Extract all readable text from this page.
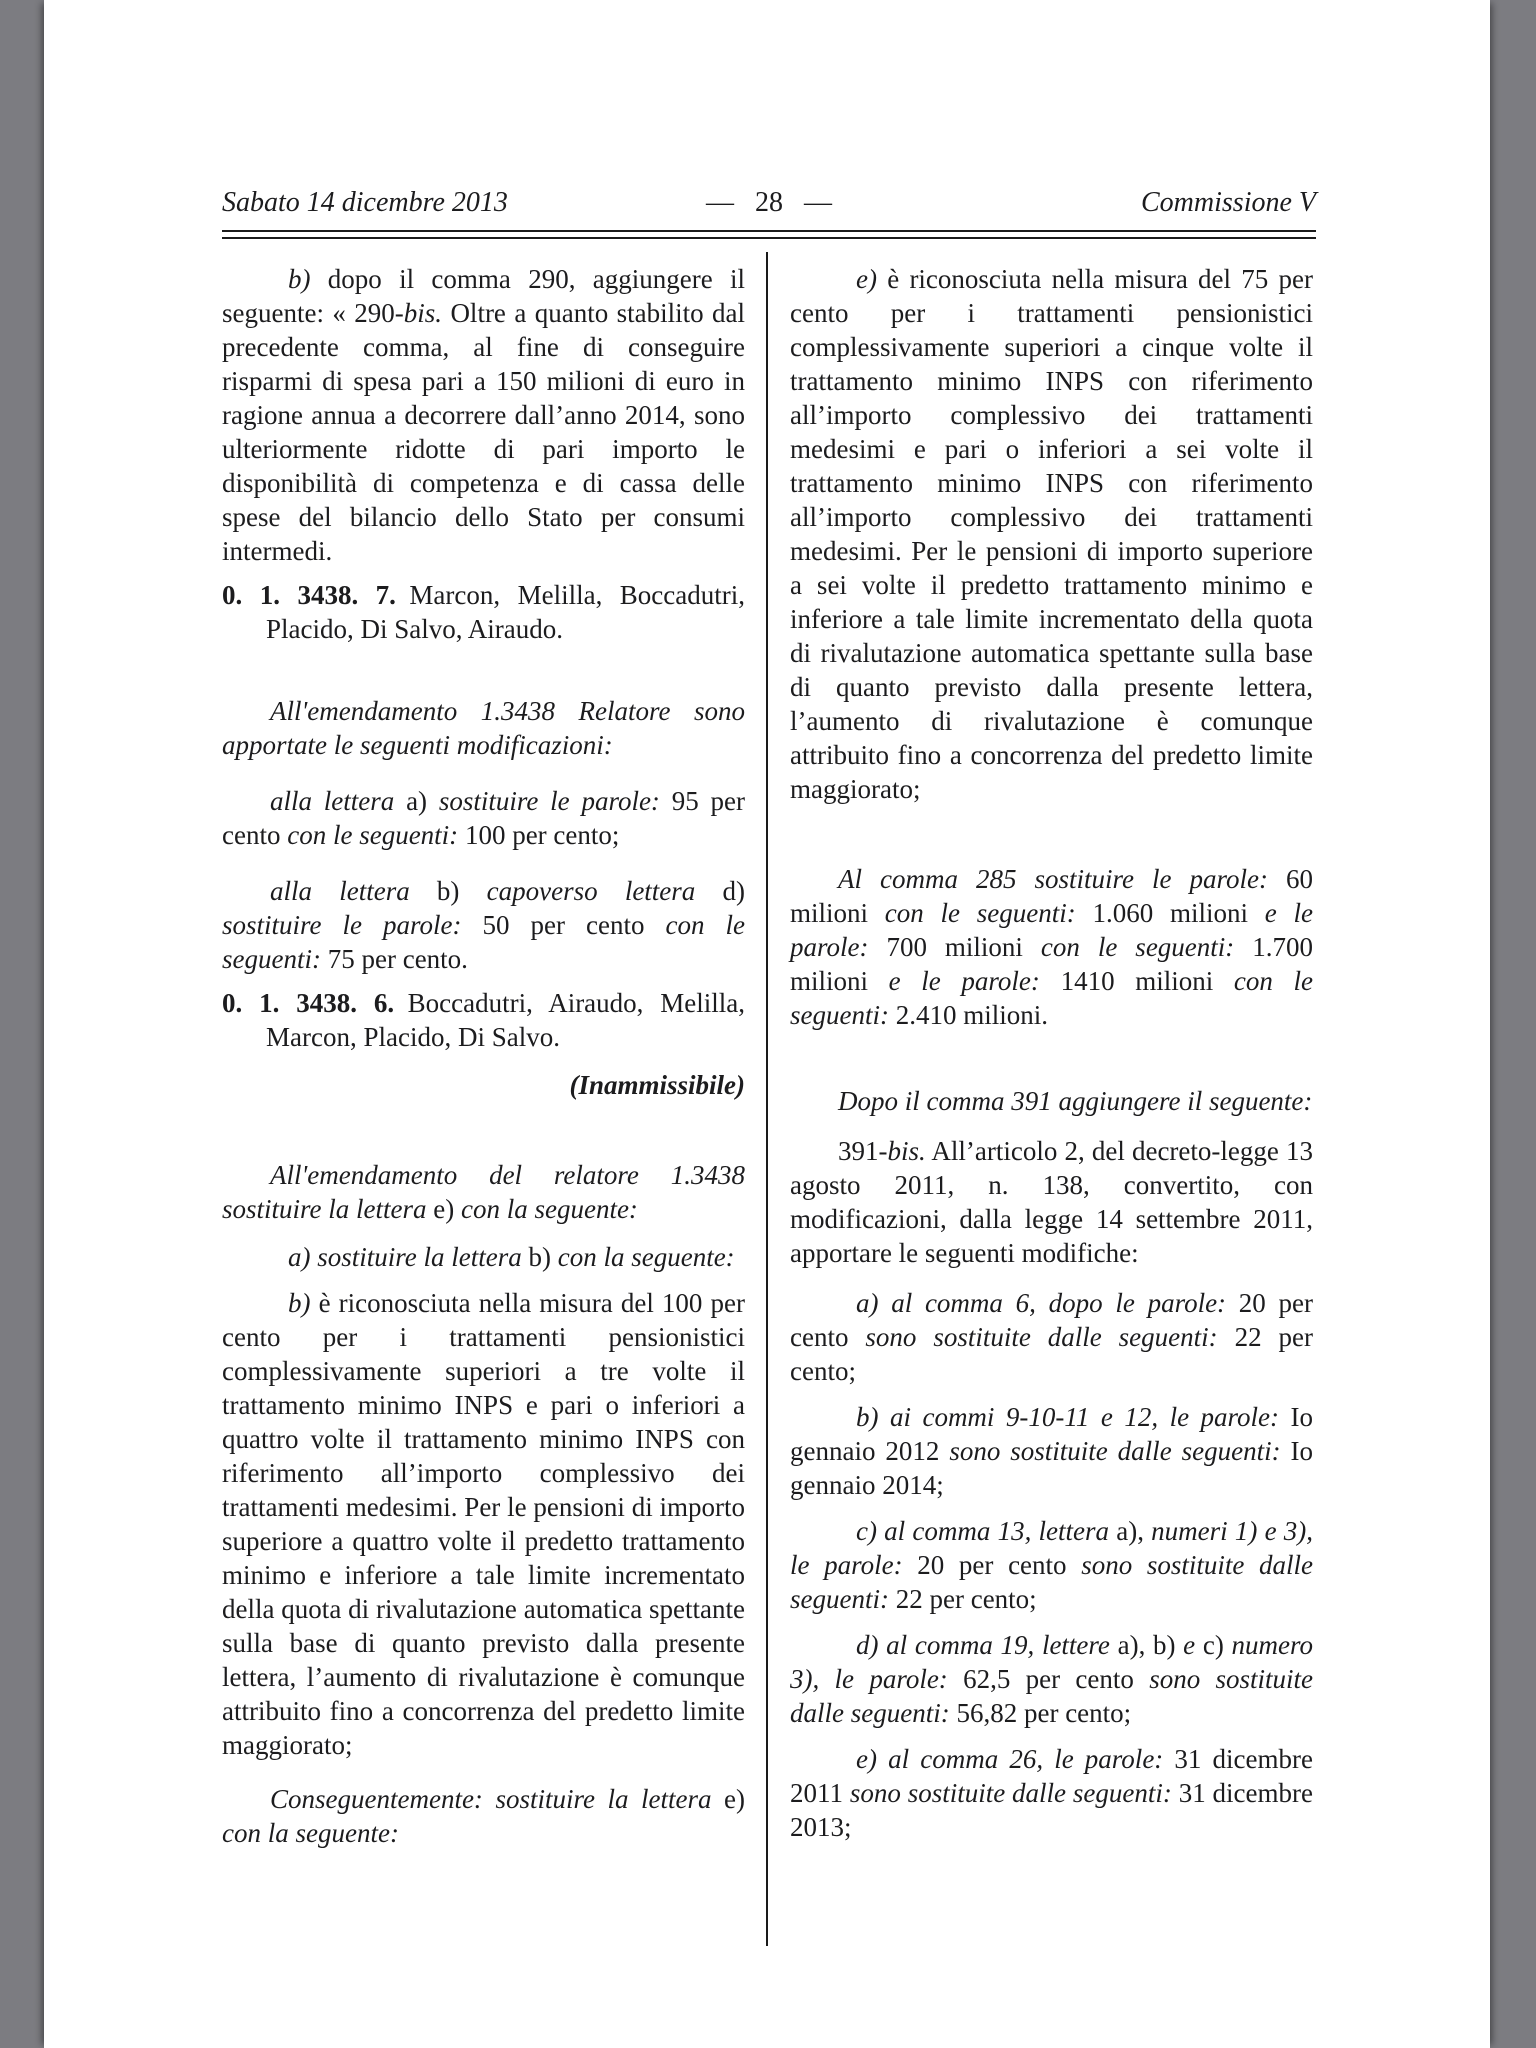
Sabato 14 dicembre 2013	— 28 —	Commissione V

b) dopo il comma 290, aggiungere il seguente: « 290-bis. Oltre a quanto stabilito dal precedente comma, al fine di conseguire risparmi di spesa pari a 150 milioni di euro in ragione annua a decorrere dall’anno 2014, sono ulteriormente ridotte di pari importo le disponibilità di competenza e di cassa delle spese del bilancio dello Stato per consumi intermedi.

0. 1. 3438. 7. Marcon, Melilla, Boccadutri, Placido, Di Salvo, Airaudo.

All'emendamento 1.3438 Relatore sono apportate le seguenti modificazioni:

alla lettera a) sostituire le parole: 95 per cento con le seguenti: 100 per cento;

alla lettera b) capoverso lettera d) sostituire le parole: 50 per cento con le seguenti: 75 per cento.

0. 1. 3438. 6. Boccadutri, Airaudo, Melilla, Marcon, Placido, Di Salvo.

(Inammissibile)

All'emendamento del relatore 1.3438 sostituire la lettera e) con la seguente:

a) sostituire la lettera b) con la seguente:

b) è riconosciuta nella misura del 100 per cento per i trattamenti pensionistici complessivamente superiori a tre volte il trattamento minimo INPS e pari o inferiori a quattro volte il trattamento minimo INPS con riferimento all’importo complessivo dei trattamenti medesimi. Per le pensioni di importo superiore a quattro volte il predetto trattamento minimo e inferiore a tale limite incrementato della quota di rivalutazione automatica spettante sulla base di quanto previsto dalla presente lettera, l’aumento di rivalutazione è comunque attribuito fino a concorrenza del predetto limite maggiorato;

Conseguentemente: sostituire la lettera e) con la seguente:

e) è riconosciuta nella misura del 75 per cento per i trattamenti pensionistici complessivamente superiori a cinque volte il trattamento minimo INPS con riferimento all’importo complessivo dei trattamenti medesimi e pari o inferiori a sei volte il trattamento minimo INPS con riferimento all’importo complessivo dei trattamenti medesimi. Per le pensioni di importo superiore a sei volte il predetto trattamento minimo e inferiore a tale limite incrementato della quota di rivalutazione automatica spettante sulla base di quanto previsto dalla presente lettera, l’aumento di rivalutazione è comunque attribuito fino a concorrenza del predetto limite maggiorato;

Al comma 285 sostituire le parole: 60 milioni con le seguenti: 1.060 milioni e le parole: 700 milioni con le seguenti: 1.700 milioni e le parole: 1410 milioni con le seguenti: 2.410 milioni.

Dopo il comma 391 aggiungere il seguente:

391-bis. All’articolo 2, del decreto-legge 13 agosto 2011, n. 138, convertito, con modificazioni, dalla legge 14 settembre 2011, apportare le seguenti modifiche:

a) al comma 6, dopo le parole: 20 per cento sono sostituite dalle seguenti: 22 per cento;

b) ai commi 9-10-11 e 12, le parole: Io gennaio 2012 sono sostituite dalle seguenti: Io gennaio 2014;

c) al comma 13, lettera a), numeri 1) e 3), le parole: 20 per cento sono sostituite dalle seguenti: 22 per cento;

d) al comma 19, lettere a), b) e c) numero 3), le parole: 62,5 per cento sono sostituite dalle seguenti: 56,82 per cento;

e) al comma 26, le parole: 31 dicembre 2011 sono sostituite dalle seguenti: 31 dicembre 2013;
